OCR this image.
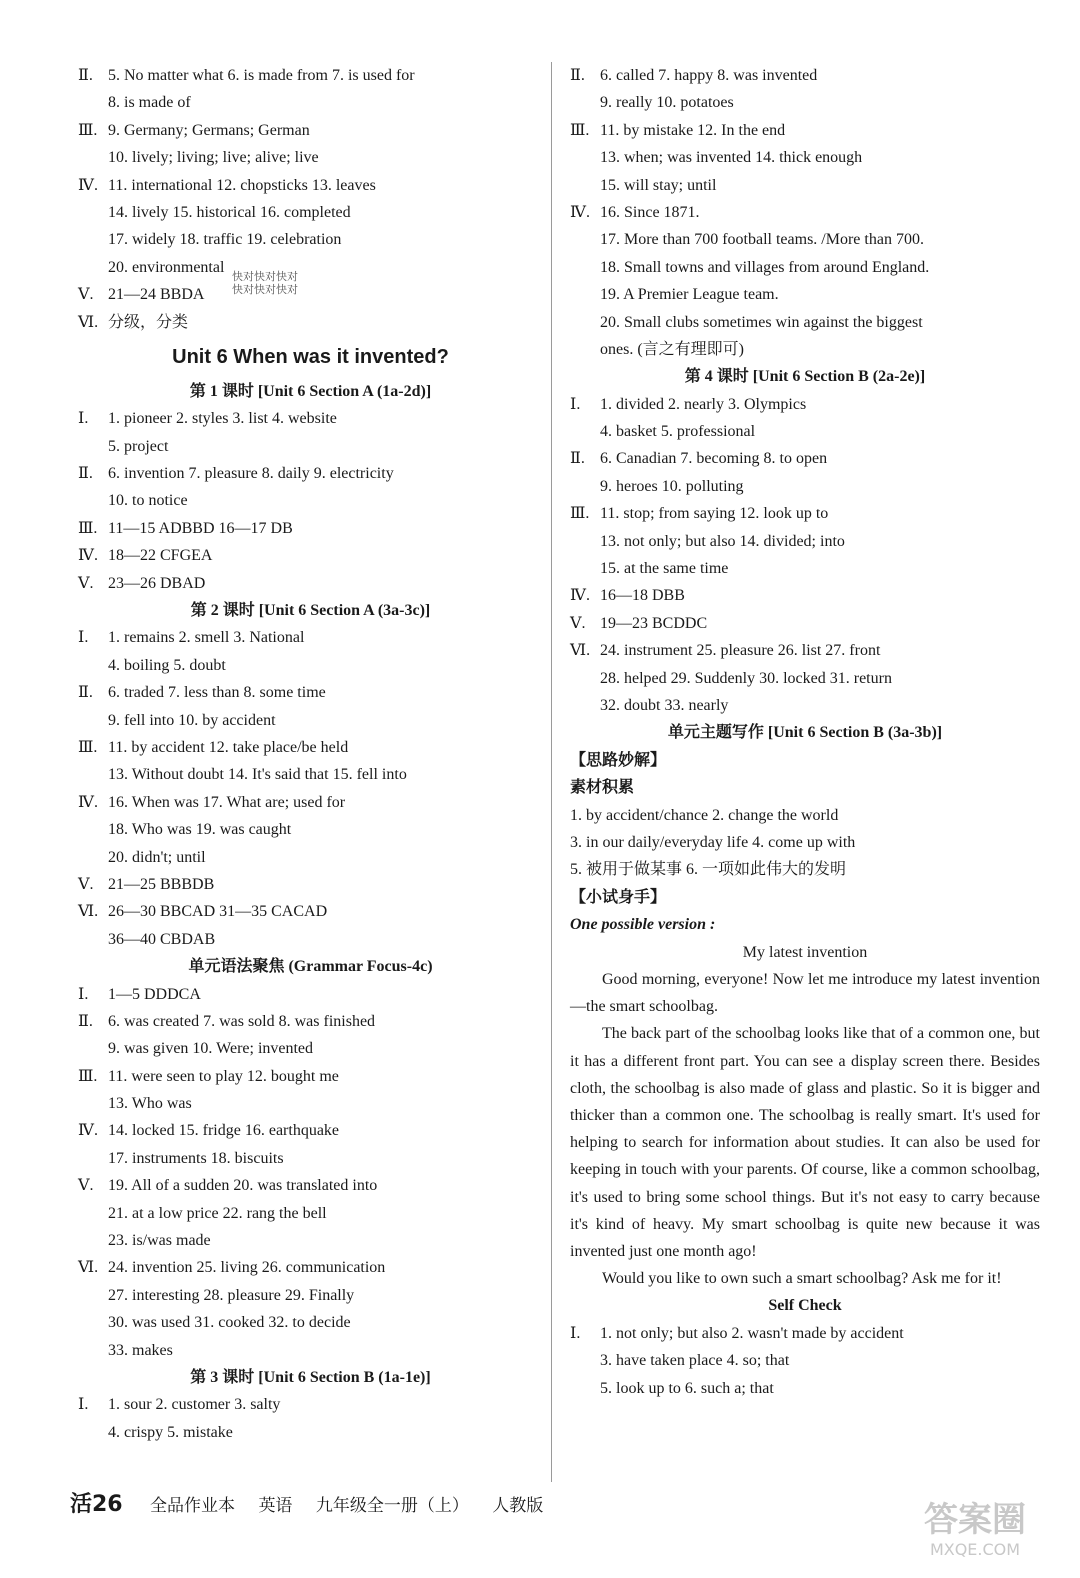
Ⅱ. 5. No matter what 6. is made from 7. is used for
8. is made of
Ⅲ. 9. Germany; Germans; German
10. lively; living; live; alive; live
Ⅳ. 11. international 12. chopsticks 13. leaves
14. lively 15. historical 16. completed
17. widely 18. traffic 19. celebration
20. environmental
Ⅴ. 21—24 BBDA
Ⅵ. 分级，分类
Unit 6 When was it invented?
第 1 课时 [Unit 6 Section A (1a-2d)]
Ⅰ. 1. pioneer 2. styles 3. list 4. website
5. project
Ⅱ. 6. invention 7. pleasure 8. daily 9. electricity
10. to notice
Ⅲ. 11—15 ADBBD 16—17 DB
Ⅳ. 18—22 CFGEA
Ⅴ. 23—26 DBAD
第 2 课时 [Unit 6 Section A (3a-3c)]
Ⅰ. 1. remains 2. smell 3. National
4. boiling 5. doubt
Ⅱ. 6. traded 7. less than 8. some time
9. fell into 10. by accident
Ⅲ. 11. by accident 12. take place/be held
13. Without doubt 14. It's said that 15. fell into
Ⅳ. 16. When was 17. What are; used for
18. Who was 19. was caught
20. didn't; until
Ⅴ. 21—25 BBBDB
Ⅵ. 26—30 BBCAD 31—35 CACAD
36—40 CBDAB
单元语法聚焦 (Grammar Focus-4c)
Ⅰ. 1—5 DDDCA
Ⅱ. 6. was created 7. was sold 8. was finished
9. was given 10. Were; invented
Ⅲ. 11. were seen to play 12. bought me
13. Who was
Ⅳ. 14. locked 15. fridge 16. earthquake
17. instruments 18. biscuits
Ⅴ. 19. All of a sudden 20. was translated into
21. at a low price 22. rang the bell
23. is/was made
Ⅵ. 24. invention 25. living 26. communication
27. interesting 28. pleasure 29. Finally
30. was used 31. cooked 32. to decide
33. makes
第 3 课时 [Unit 6 Section B (1a-1e)]
Ⅰ. 1. sour 2. customer 3. salty
4. crispy 5. mistake
快对快对快对
快对快对快对
Ⅱ. 6. called 7. happy 8. was invented
9. really 10. potatoes
Ⅲ. 11. by mistake 12. In the end
13. when; was invented 14. thick enough
15. will stay; until
Ⅳ. 16. Since 1871.
17. More than 700 football teams. /More than 700.
18. Small towns and villages from around England.
19. A Premier League team.
20. Small clubs sometimes win against the biggest
ones. (言之有理即可)
第 4 课时 [Unit 6 Section B (2a-2e)]
Ⅰ. 1. divided 2. nearly 3. Olympics
4. basket 5. professional
Ⅱ. 6. Canadian 7. becoming 8. to open
9. heroes 10. polluting
Ⅲ. 11. stop; from saying 12. look up to
13. not only; but also 14. divided; into
15. at the same time
Ⅳ. 16—18 DBB
Ⅴ. 19—23 BCDDC
Ⅵ. 24. instrument 25. pleasure 26. list 27. front
28. helped 29. Suddenly 30. locked 31. return
32. doubt 33. nearly
单元主题写作 [Unit 6 Section B (3a-3b)]
【思路妙解】
素材积累
1. by accident/chance 2. change the world
3. in our daily/everyday life 4. come up with
5. 被用于做某事 6. 一项如此伟大的发明
【小试身手】
One possible version :
My latest invention

Good morning, everyone! Now let me introduce my latest invention—the smart schoolbag.

The back part of the schoolbag looks like that of a common one, but it has a different front part. You can see a display screen there. Besides cloth, the schoolbag is also made of glass and plastic. So it is bigger and thicker than a common one. The schoolbag is really smart. It's used for helping to search for information about studies. It can also be used for keeping in touch with your parents. Of course, like a common schoolbag, it's used to bring some school things. But it's not easy to carry because it's kind of heavy. My smart schoolbag is quite new because it was invented just one month ago!

Would you like to own such a smart schoolbag? Ask me for it!

Self Check
Ⅰ. 1. not only; but also 2. wasn't made by accident
3. have taken place 4. so; that
5. look up to 6. such a; that
活26 全品作业本 英语 九年级全一册（上） 人教版	答案圈
MXQE.COM
